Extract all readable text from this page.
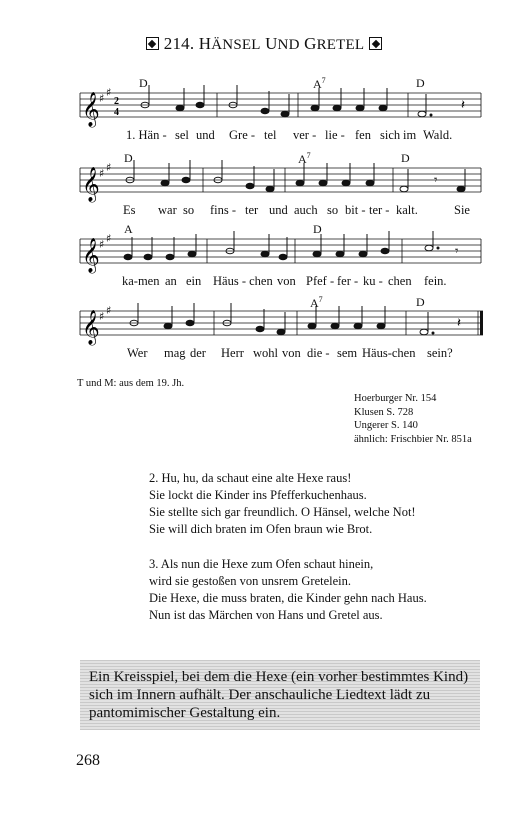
214. HÄNSEL UND GRETEL
D	$A^7$	D
𝄞 ♯ ♯
2
4	𝄽
1. Hän - sel und Gre - tel ver - lie - fen sich im Wald.
D	$A^7$	D
𝄞 ♯ ♯
𝄾
Es war so fins - ter und auch so bit - ter - kalt.	Sie
A	D
𝄞 ♯ ♯
𝄾
ka-men an ein Häus - chen von Pfef - fer - ku - chen fein.
$A^7$	D
𝄞 ♯ ♯
𝄽
Wer mag der Herr wohl von die - sem Häus-chen sein?
T und M: aus dem 19. Jh.
Hoerburger Nr. 154
Klusen S. 728
Ungerer S. 140
ähnlich: Frischbier Nr. 851a
2. Hu, hu, da schaut eine alte Hexe raus!
Sie lockt die Kinder ins Pfefferkuchenhaus.
Sie stellte sich gar freundlich. O Hänsel, welche Not!
Sie will dich braten im Ofen braun wie Brot.
3. Als nun die Hexe zum Ofen schaut hinein,
wird sie gestoßen von unsrem Gretelein.
Die Hexe, die muss braten, die Kinder gehn nach Haus.
Nun ist das Märchen von Hans und Gretel aus.
Ein Kreisspiel, bei dem die Hexe (ein vorher bestimmtes Kind) sich im Innern aufhält. Der anschauliche Liedtext lädt zu pantomimischer Gestaltung ein.
268
